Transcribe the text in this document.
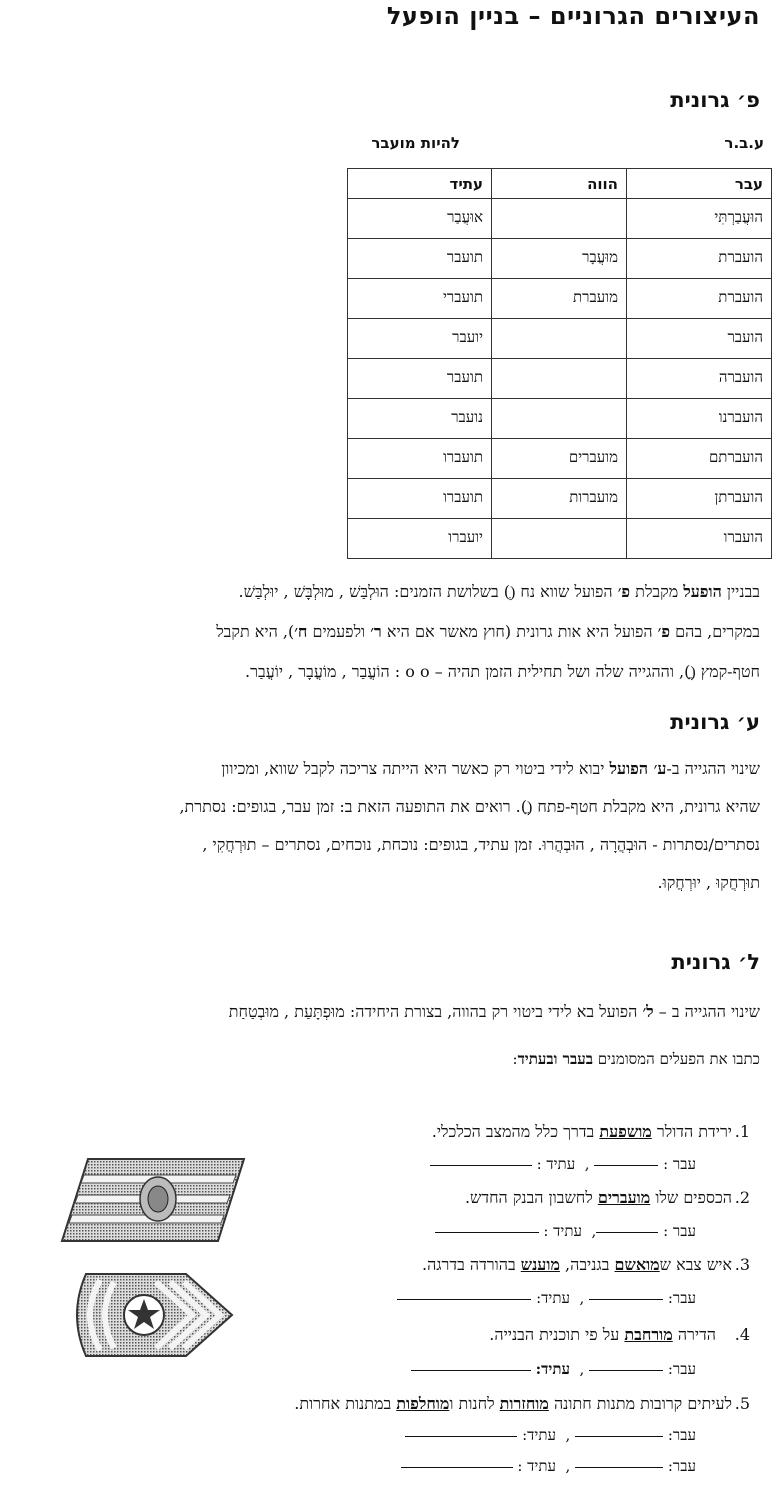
העיצורים הגרוניים – בניין הופעל
פ׳ גרונית
ע.ב.ר
להיות מועבר
עבר	הווה	עתיד
הוּעֲבַרְתִּי		אוּעֲבַר
הועברת	מוּעֲבָר	תועבר
הועברת	מועברת	תועברי
הועבר		יועבר
הועברה		תועבר
הועברנו		נועבר
הועברתם	מועברים	תועברו
הועברתן	מועברות	תועברו
הועברו		יועברו
בבניין הופעל מקבלת פ׳ הפועל שווא נח (ְ) בשלושת הזמנים: הוּלְבַּשׁ , מוּלְבָּשׁ , יוּלְבַּשׁ.
במקרים, בהם פ׳ הפועל היא אות גרונית (חוץ מאשר אם היא ר׳ ולפעמים ח׳), היא תקבל
חטף-קמץ (ֳ), וההגייה שלה ושל תחילית הזמן תהיה – o o : הוֹעֳבַר , מוֹעֳבָר , יוֹעֳבַר.
ע׳ גרונית
שינוי ההגייה ב-ע׳ הפועל יבוא לידי ביטוי רק כאשר היא הייתה צריכה לקבל שווא, ומכיוון
שהיא גרונית, היא מקבלת חטף-פתח (ֲ). רואים את התופעה הזאת ב: זמן עבר, בגופים: נסתרת,
נסתרים/נסתרות - הוּבְהֲרָה , הוּבְהֲרוּ. זמן עתיד, בגופים: נוכחת, נוכחים, נסתרים – תוּרְחֲקִי ,
תוּרְחֲקוּ , יוּרְחֲקוּ.
ל׳ גרונית
שינוי ההגייה ב – ל׳ הפועל בא לידי ביטוי רק בהווה, בצורת היחידה: מוּפְתָּעַת , מוּבְטַחַת
כתבו את הפעלים המסומנים בעבר ובעתיד:
1.
ירידת הדולר מושפעת בדרך כלל מהמצב הכלכלי.
עבר :  ,  עתיד :
2.
הכספים שלו מועברים לחשבון הבנק החדש.
עבר : ,  עתיד :
3.
איש צבא שמואשם בגניבה, מוענש בהורדה בדרגה.
עבר:  ,  עתיד:
4.
הדירה מורחבת על פי תוכנית הבנייה.
עבר:  ,  עתיד:
5.
לעיתים קרובות מתנות חתונה מוחזרות לחנות ומוחלפות במתנות אחרות.
עבר:  ,  עתיד:
עבר:  ,  עתיד :
